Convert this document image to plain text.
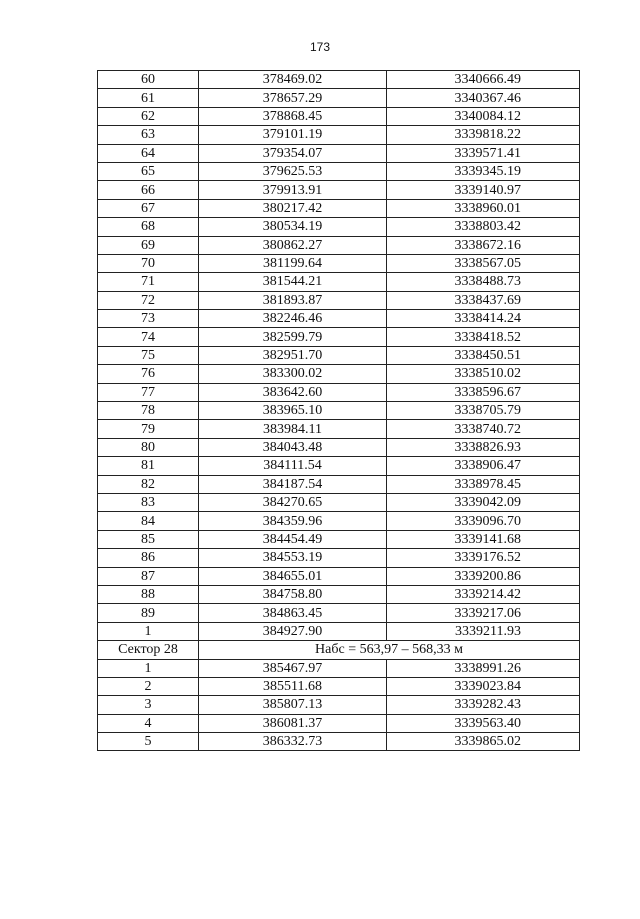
173
60	378469.02	3340666.49
61	378657.29	3340367.46
62	378868.45	3340084.12
63	379101.19	3339818.22
64	379354.07	3339571.41
65	379625.53	3339345.19
66	379913.91	3339140.97
67	380217.42	3338960.01
68	380534.19	3338803.42
69	380862.27	3338672.16
70	381199.64	3338567.05
71	381544.21	3338488.73
72	381893.87	3338437.69
73	382246.46	3338414.24
74	382599.79	3338418.52
75	382951.70	3338450.51
76	383300.02	3338510.02
77	383642.60	3338596.67
78	383965.10	3338705.79
79	383984.11	3338740.72
80	384043.48	3338826.93
81	384111.54	3338906.47
82	384187.54	3338978.45
83	384270.65	3339042.09
84	384359.96	3339096.70
85	384454.49	3339141.68
86	384553.19	3339176.52
87	384655.01	3339200.86
88	384758.80	3339214.42
89	384863.45	3339217.06
1	384927.90	3339211.93
Сектор 28	Набс = 563,97 – 568,33 м	
1	385467.97	3338991.26
2	385511.68	3339023.84
3	385807.13	3339282.43
4	386081.37	3339563.40
5	386332.73	3339865.02
